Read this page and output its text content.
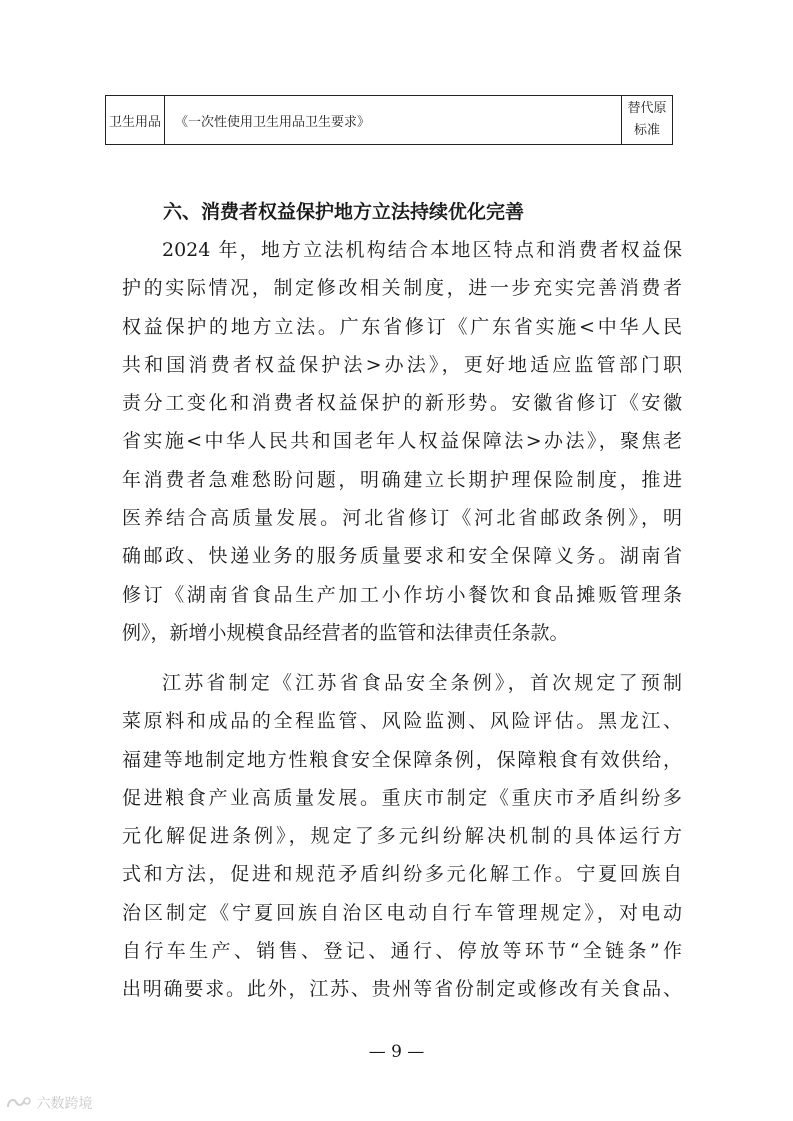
卫生用品	《一次性使用卫生用品卫生要求》	
替代原
标准
六、消费者权益保护地方立法持续优化完善
2024 年，地方立法机构结合本地区特点和消费者权益保
护的实际情况，制定修改相关制度，进一步充实完善消费者
权益保护的地方立法。广东省修订《广东省实施<中华人民
共和国消费者权益保护法>办法》，更好地适应监管部门职
责分工变化和消费者权益保护的新形势。安徽省修订《安徽
省实施<中华人民共和国老年人权益保障法>办法》，聚焦老
年消费者急难愁盼问题，明确建立长期护理保险制度，推进
医养结合高质量发展。河北省修订《河北省邮政条例》，明
确邮政、快递业务的服务质量要求和安全保障义务。湖南省
修订《湖南省食品生产加工小作坊小餐饮和食品摊贩管理条
例》，新增小规模食品经营者的监管和法律责任条款。
江苏省制定《江苏省食品安全条例》，首次规定了预制
菜原料和成品的全程监管、风险监测、风险评估。黑龙江、
福建等地制定地方性粮食安全保障条例，保障粮食有效供给，
促进粮食产业高质量发展。重庆市制定《重庆市矛盾纠纷多
元化解促进条例》，规定了多元纠纷解决机制的具体运行方
式和方法，促进和规范矛盾纠纷多元化解工作。宁夏回族自
治区制定《宁夏回族自治区电动自行车管理规定》，对电动
自行车生产、销售、登记、通行、停放等环节“全链条”作
出明确要求。此外，江苏、贵州等省份制定或修改有关食品、
— 9 —
六数跨境
